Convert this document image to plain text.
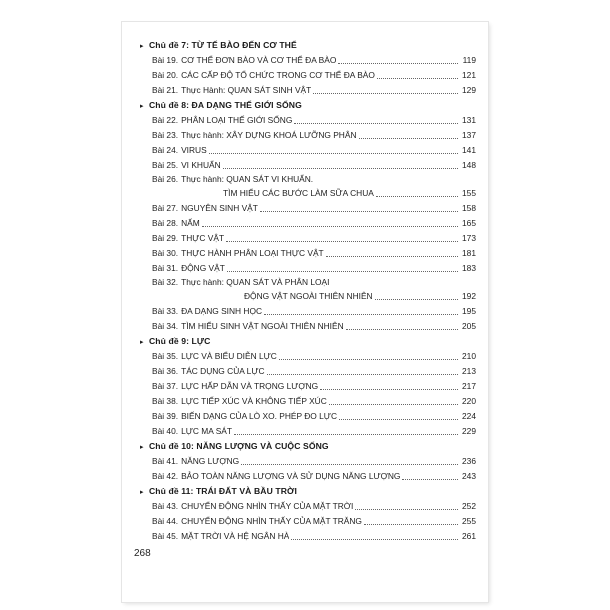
▸ Chủ đề 7: TỪ TẾ BÀO ĐẾN CƠ THỂ
Bài 19. CƠ THỂ ĐƠN BÀO VÀ CƠ THỂ ĐA BÀO	119
Bài 20. CÁC CẤP ĐỘ TỔ CHỨC TRONG CƠ THỂ ĐA BÀO	121
Bài 21. Thực Hành: QUAN SÁT SINH VẬT	129
▸ Chủ đề 8: ĐA DẠNG THẾ GIỚI SỐNG
Bài 22. PHÂN LOẠI THẾ GIỚI SỐNG	131
Bài 23. Thực hành: XÂY DỰNG KHOÁ LƯỠNG PHÂN	137
Bài 24. VIRUS	141
Bài 25. VI KHUẨN	148
Bài 26. Thực hành: QUAN SÁT VI KHUẨN.
TÌM HIỂU CÁC BƯỚC LÀM SỮA CHUA	155
Bài 27. NGUYÊN SINH VẬT	158
Bài 28. NẤM	165
Bài 29. THỰC VẬT	173
Bài 30. THỰC HÀNH PHÂN LOẠI THỰC VẬT	181
Bài 31. ĐỘNG VẬT	183
Bài 32. Thực hành: QUAN SÁT VÀ PHÂN LOẠI
ĐỘNG VẬT NGOÀI THIÊN NHIÊN	192
Bài 33. ĐA DẠNG SINH HỌC	195
Bài 34. TÌM HIỂU SINH VẬT NGOÀI THIÊN NHIÊN	205
▸ Chủ đề 9: LỰC
Bài 35. LỰC VÀ BIỂU DIỄN LỰC	210
Bài 36. TÁC DỤNG CỦA LỰC	213
Bài 37. LỰC HẤP DẪN VÀ TRỌNG LƯỢNG	217
Bài 38. LỰC TIẾP XÚC VÀ KHÔNG TIẾP XÚC	220
Bài 39. BIẾN DẠNG CỦA LÒ XO. PHÉP ĐO LỰC	224
Bài 40. LỰC MA SÁT	229
▸ Chủ đề 10: NĂNG LƯỢNG VÀ CUỘC SỐNG
Bài 41. NĂNG LƯỢNG	236
Bài 42. BẢO TOÀN NĂNG LƯỢNG VÀ SỬ DỤNG NĂNG LƯỢNG	243
▸ Chủ đề 11: TRÁI ĐẤT VÀ BẦU TRỜI
Bài 43. CHUYỂN ĐỘNG NHÌN THẤY CỦA MẶT TRỜI	252
Bài 44. CHUYỂN ĐỘNG NHÌN THẤY CỦA MẶT TRĂNG	255
Bài 45. MẶT TRỜI VÀ HỆ NGÂN HÀ	261
268
